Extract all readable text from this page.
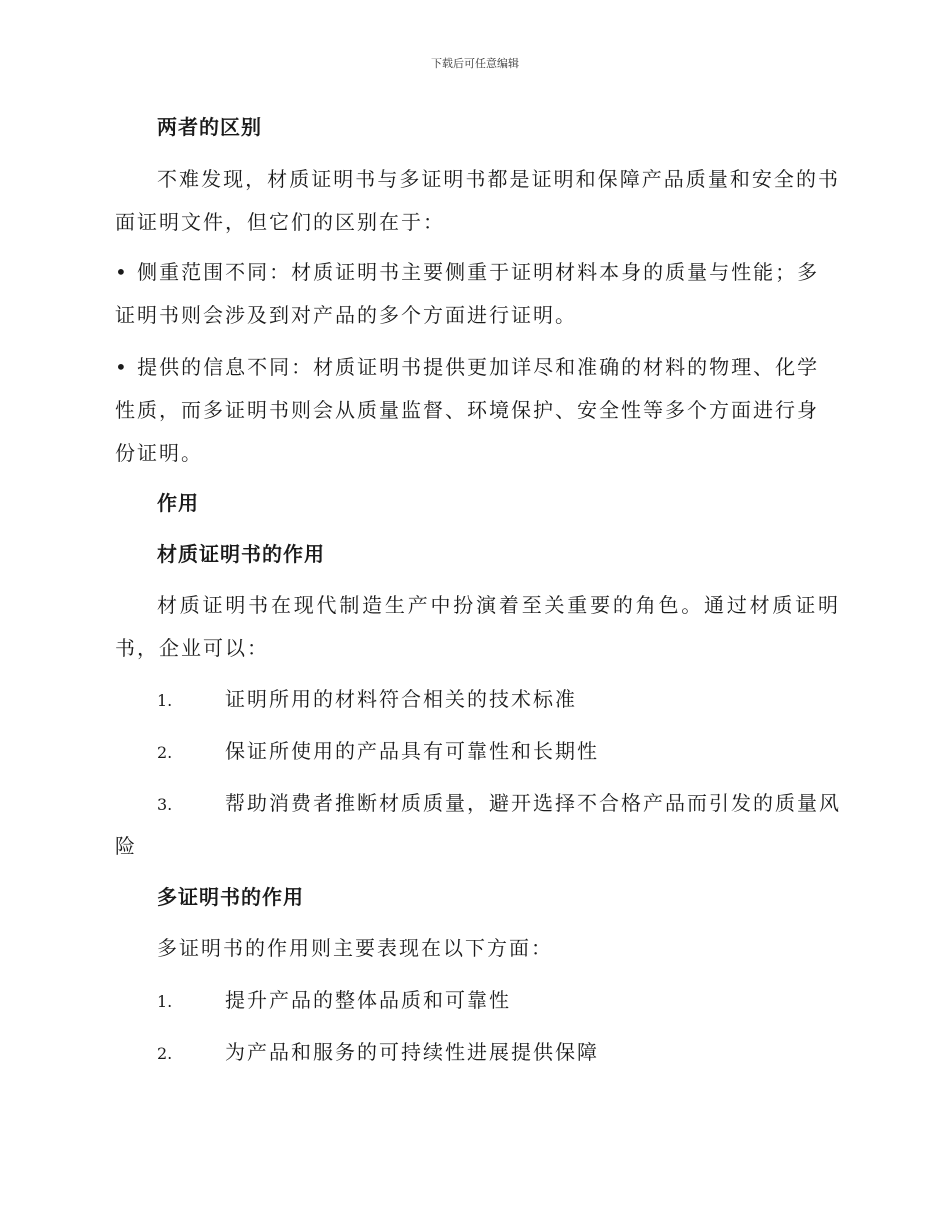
下载后可任意编辑
两者的区别
不难发现，材质证明书与多证明书都是证明和保障产品质量和安全的书面证明文件，但它们的区别在于：
• 侧重范围不同：材质证明书主要侧重于证明材料本身的质量与性能；多证明书则会涉及到对产品的多个方面进行证明。
• 提供的信息不同：材质证明书提供更加详尽和准确的材料的物理、化学性质，而多证明书则会从质量监督、环境保护、安全性等多个方面进行身份证明。
作用
材质证明书的作用
材质证明书在现代制造生产中扮演着至关重要的角色。通过材质证明书，企业可以：
1.	证明所用的材料符合相关的技术标准
2.	保证所使用的产品具有可靠性和长期性
3.	帮助消费者推断材质质量，避开选择不合格产品而引发的质量风
险
多证明书的作用
多证明书的作用则主要表现在以下方面：
1.	提升产品的整体品质和可靠性
2.	为产品和服务的可持续性进展提供保障
